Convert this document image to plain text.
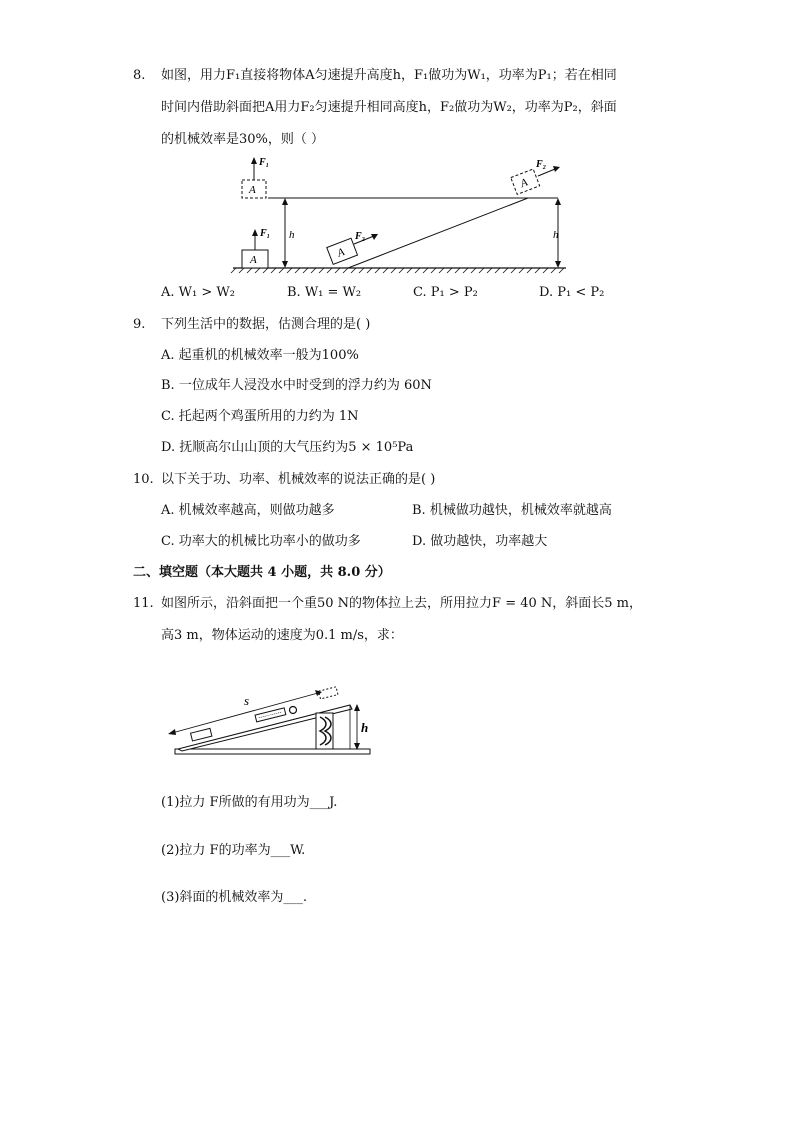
8. 如图，用力F₁直接将物体A匀速提升高度h，F₁做功为W₁，功率为P₁；若在相同
时间内借助斜面把A用力F₂匀速提升相同高度h，F₂做功为W₂，功率为P₂，斜面
的机械效率是30%，则（ ）
A
F₁
A
F₁ h
A
F₂
A
F₂
h
A. W₁ > W₂	B. W₁ = W₂	C. P₁ > P₂	D. P₁ < P₂
9. 下列生活中的数据，估测合理的是( )
A. 起重机的机械效率一般为100%
B. 一位成年人浸没水中时受到的浮力约为 60N
C. 托起两个鸡蛋所用的力约为 1N
D. 抚顺高尔山山顶的大气压约为5 × 10⁵Pa
10. 以下关于功、功率、机械效率的说法正确的是( )
A. 机械效率越高，则做功越多	B. 机械做功越快，机械效率就越高
C. 功率大的机械比功率小的做功多	D. 做功越快，功率越大
二、填空题（本大题共 4 小题，共 8.0 分）
11. 如图所示，沿斜面把一个重50 N的物体拉上去，所用拉力F = 40 N，斜面长5 m，
高3 m，物体运动的速度为0.1 m/s，求：
s
h
(1)拉力 F所做的有用功为___J.
(2)拉力 F的功率为___W.
(3)斜面的机械效率为___.
